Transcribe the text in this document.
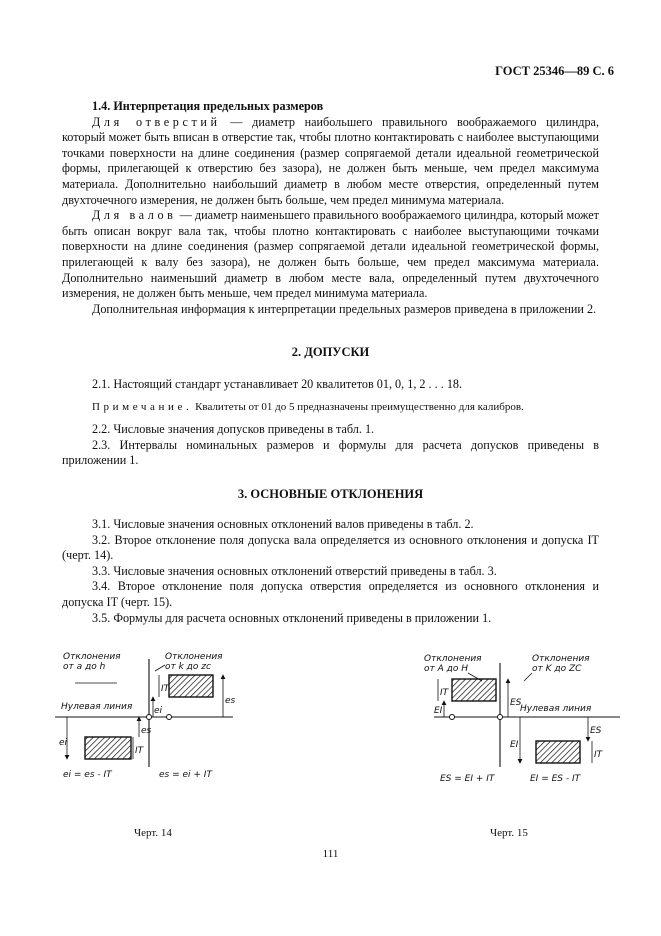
ГОСТ 25346—89 С. 6

1.4. Интерпретация предельных размеров

Для отверстий — диаметр наибольшего правильного воображаемого цилиндра, который может быть вписан в отверстие так, чтобы плотно контактировать с наиболее выступающими точками поверхности на длине соединения (размер сопрягаемой детали идеальной геометрической формы, прилегающей к отверстию без зазора), не должен быть меньше, чем предел максимума материала. Дополнительно наибольший диаметр в любом месте отверстия, определенный путем двухточечного измерения, не должен быть больше, чем предел минимума материала.

Для валов — диаметр наименьшего правильного воображаемого цилиндра, который может быть описан вокруг вала так, чтобы плотно контактировать с наиболее выступающими точками поверхности на длине соединения (размер сопрягаемой детали идеальной геометрической формы, прилегающей к валу без зазора), не должен быть больше, чем предел максимума материала. Дополнительно наименьший диаметр в любом месте вала, определенный путем двухточечного измерения, не должен быть меньше, чем предел минимума материала.

Дополнительная информация к интерпретации предельных размеров приведена в приложении 2.

2. ДОПУСКИ

2.1. Настоящий стандарт устанавливает 20 квалитетов 01, 0, 1, 2 . . . 18.

Примечание. Квалитеты от 01 до 5 предназначены преимущественно для калибров.

2.2. Числовые значения допусков приведены в табл. 1.

2.3. Интервалы номинальных размеров и формулы для расчета допусков приведены в приложении 1.

3. ОСНОВНЫЕ ОТКЛОНЕНИЯ

3.1. Числовые значения основных отклонений валов приведены в табл. 2.

3.2. Второе отклонение поля допуска вала определяется из основного отклонения и допуска IT (черт. 14).

3.3. Числовые значения основных отклонений отверстий приведены в табл. 3.

3.4. Второе отклонение поля допуска отверстия определяется из основного отклонения и допуска IT (черт. 15).

3.5. Формулы для расчета основных отклонений приведены в приложении 1.

Отклонения
от a до h
Отклонения
от k до zc
Нулевая линия
ei
es
IT
IT
ei
es
ei = es - IT	es = ei + IT
Черт. 14
Отклонения
от A до H
Отклонения
от K до ZC
Нулевая линия
IT
EI
ES
EI
ES
IT
ES = EI + IT	EI = ES - IT
Черт. 15
111
